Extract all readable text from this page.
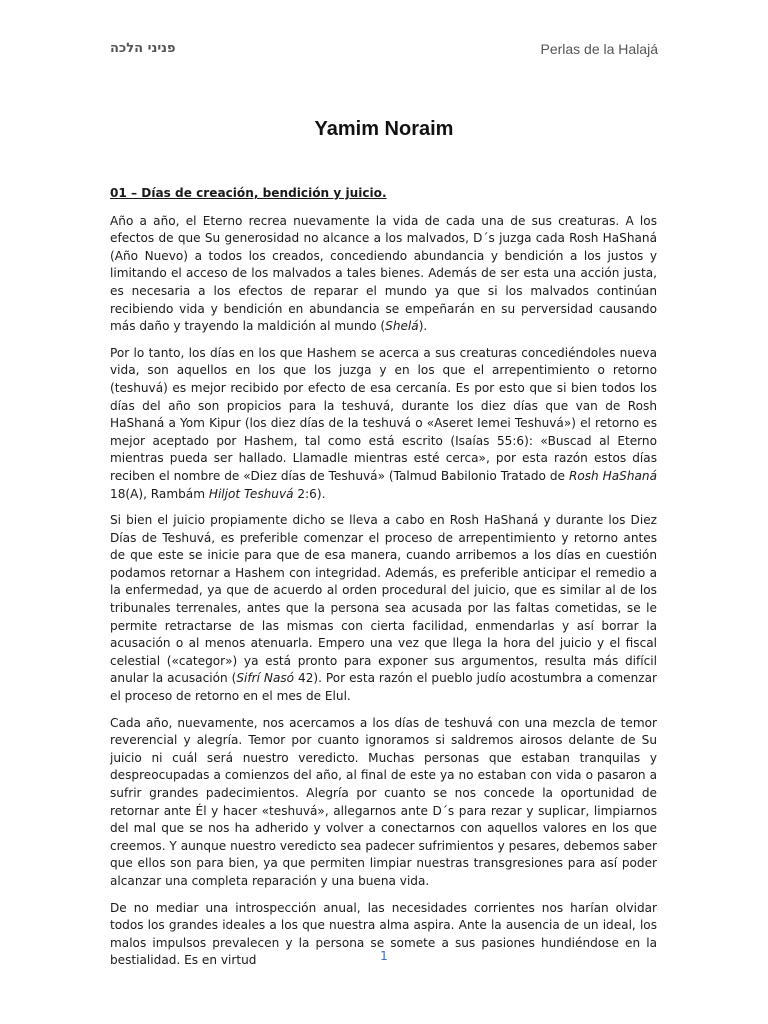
פניני הלכה	Perlas de la Halajá
Yamim Noraim
01 – Días de creación, bendición y juicio.

Año a año, el Eterno recrea nuevamente la vida de cada una de sus creaturas. A los efectos de que Su generosidad no alcance a los malvados, D´s juzga cada Rosh HaShaná (Año Nuevo) a todos los creados, concediendo abundancia y bendición a los justos y limitando el acceso de los malvados a tales bienes. Además de ser esta una acción justa, es necesaria a los efectos de reparar el mundo ya que si los malvados continúan recibiendo vida y bendición en abundancia se empeñarán en su perversidad causando más daño y trayendo la maldición al mundo (Shelá).

Por lo tanto, los días en los que Hashem se acerca a sus creaturas concediéndoles nueva vida, son aquellos en los que los juzga y en los que el arrepentimiento o retorno (teshuvá) es mejor recibido por efecto de esa cercanía. Es por esto que si bien todos los días del año son propicios para la teshuvá, durante los diez días que van de Rosh HaShaná a Yom Kipur (los diez días de la teshuvá o «Aseret Iemei Teshuvá») el retorno es mejor aceptado por Hashem, tal como está escrito (Isaías 55:6): «Buscad al Eterno mientras pueda ser hallado. Llamadle mientras esté cerca», por esta razón estos días reciben el nombre de «Diez días de Teshuvá» (Talmud Babilonio Tratado de Rosh HaShaná 18(A), Rambám Hiljot Teshuvá 2:6).

Si bien el juicio propiamente dicho se lleva a cabo en Rosh HaShaná y durante los Diez Días de Teshuvá, es preferible comenzar el proceso de arrepentimiento y retorno antes de que este se inicie para que de esa manera, cuando arribemos a los días en cuestión podamos retornar a Hashem con integridad. Además, es preferible anticipar el remedio a la enfermedad, ya que de acuerdo al orden procedural del juicio, que es similar al de los tribunales terrenales, antes que la persona sea acusada por las faltas cometidas, se le permite retractarse de las mismas con cierta facilidad, enmendarlas y así borrar la acusación o al menos atenuarla. Empero una vez que llega la hora del juicio y el fiscal celestial («categor») ya está pronto para exponer sus argumentos, resulta más difícil anular la acusación (Sifrí Nasó 42). Por esta razón el pueblo judío acostumbra a comenzar el proceso de retorno en el mes de Elul.

Cada año, nuevamente, nos acercamos a los días de teshuvá con una mezcla de temor reverencial y alegría. Temor por cuanto ignoramos si saldremos airosos delante de Su juicio ni cuál será nuestro veredicto. Muchas personas que estaban tranquilas y despreocupadas a comienzos del año, al final de este ya no estaban con vida o pasaron a sufrir grandes padecimientos. Alegría por cuanto se nos concede la oportunidad de retornar ante Él y hacer «teshuvá», allegarnos ante D´s para rezar y suplicar, limpiarnos del mal que se nos ha adherido y volver a conectarnos con aquellos valores en los que creemos. Y aunque nuestro veredicto sea padecer sufrimientos y pesares, debemos saber que ellos son para bien, ya que permiten limpiar nuestras transgresiones para así poder alcanzar una completa reparación y una buena vida.

De no mediar una introspección anual, las necesidades corrientes nos harían olvidar todos los grandes ideales a los que nuestra alma aspira. Ante la ausencia de un ideal, los malos impulsos prevalecen y la persona se somete a sus pasiones hundiéndose en la bestialidad. Es en virtud	1
